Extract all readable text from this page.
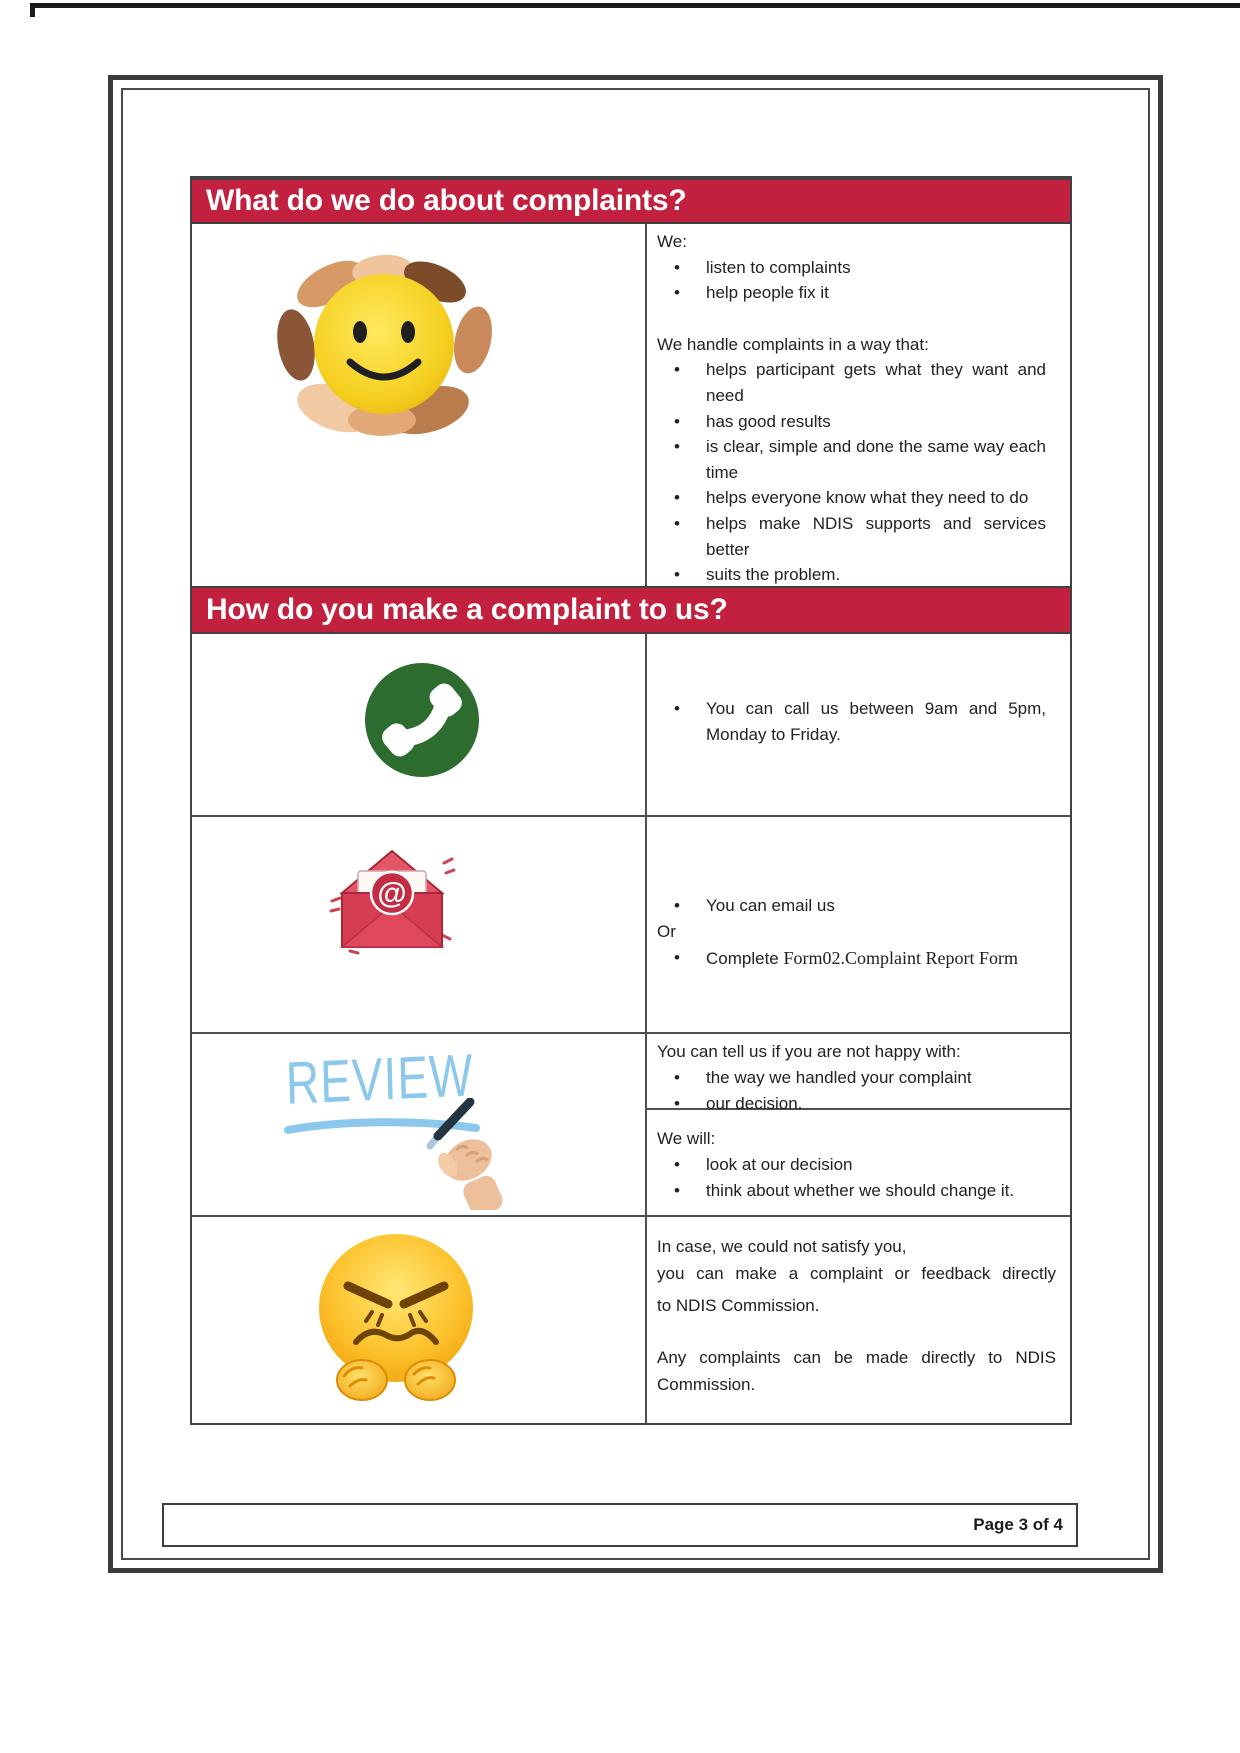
What do we do about complaints?
We:
• listen to complaints
• help people fix it
We handle complaints in a way that:
• helps participant gets what they want and need
• has good results
• is clear, simple and done the same way each time
• helps everyone know what they need to do
• helps make NDIS supports and services better
• suits the problem.
How do you make a complaint to us?
• You can call us between 9am and 5pm, Monday to Friday.
@	• You can email us
Or
• Complete Form02.Complaint Report Form
REVIEW	You can tell us if you are not happy with:
• the way we handled your complaint
• our decision.
We will:
• look at our decision
• think about whether we should change it.
In case, we could not satisfy you,
you can make a complaint or feedback directly
to NDIS Commission.
Any complaints can be made directly to NDIS Commission.
Page 3 of 4
